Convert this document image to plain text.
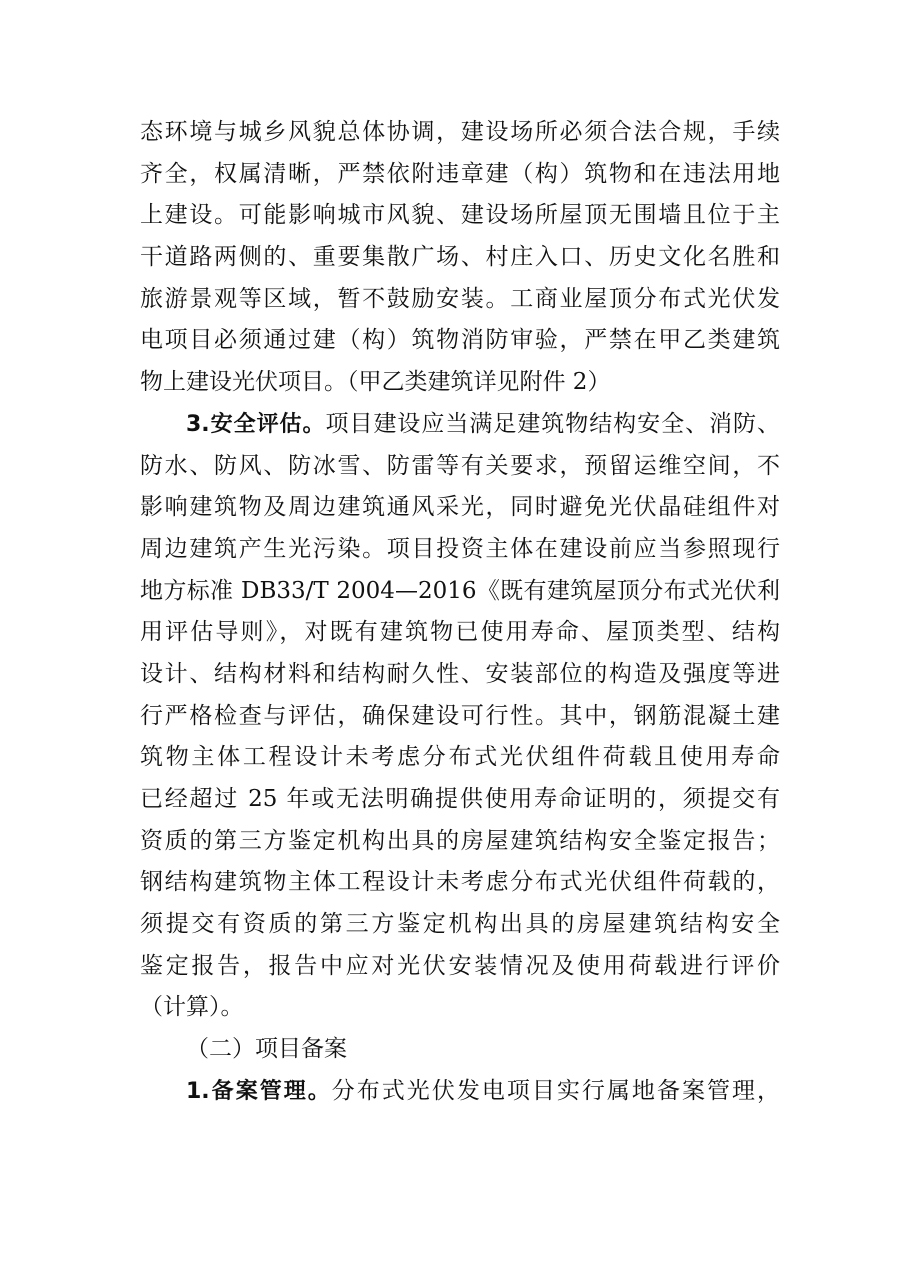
态环境与城乡风貌总体协调，建设场所必须合法合规，手续
齐全，权属清晰，严禁依附违章建（构）筑物和在违法用地
上建设。可能影响城市风貌、建设场所屋顶无围墙且位于主
干道路两侧的、重要集散广场、村庄入口、历史文化名胜和
旅游景观等区域，暂不鼓励安装。工商业屋顶分布式光伏发
电项目必须通过建（构）筑物消防审验，严禁在甲乙类建筑
物上建设光伏项目。（甲乙类建筑详见附件 2）
3.安全评估。项目建设应当满足建筑物结构安全、消防、
防水、防风、防冰雪、防雷等有关要求，预留运维空间，不
影响建筑物及周边建筑通风采光，同时避免光伏晶硅组件对
周边建筑产生光污染。项目投资主体在建设前应当参照现行
地方标准 DB33/T 2004—2016《既有建筑屋顶分布式光伏利
用评估导则》，对既有建筑物已使用寿命、屋顶类型、结构
设计、结构材料和结构耐久性、安装部位的构造及强度等进
行严格检查与评估，确保建设可行性。其中，钢筋混凝土建
筑物主体工程设计未考虑分布式光伏组件荷载且使用寿命
已经超过 25 年或无法明确提供使用寿命证明的，须提交有
资质的第三方鉴定机构出具的房屋建筑结构安全鉴定报告；
钢结构建筑物主体工程设计未考虑分布式光伏组件荷载的，
须提交有资质的第三方鉴定机构出具的房屋建筑结构安全
鉴定报告，报告中应对光伏安装情况及使用荷载进行评价
（计算）。
（二）项目备案
1.备案管理。分布式光伏发电项目实行属地备案管理，
